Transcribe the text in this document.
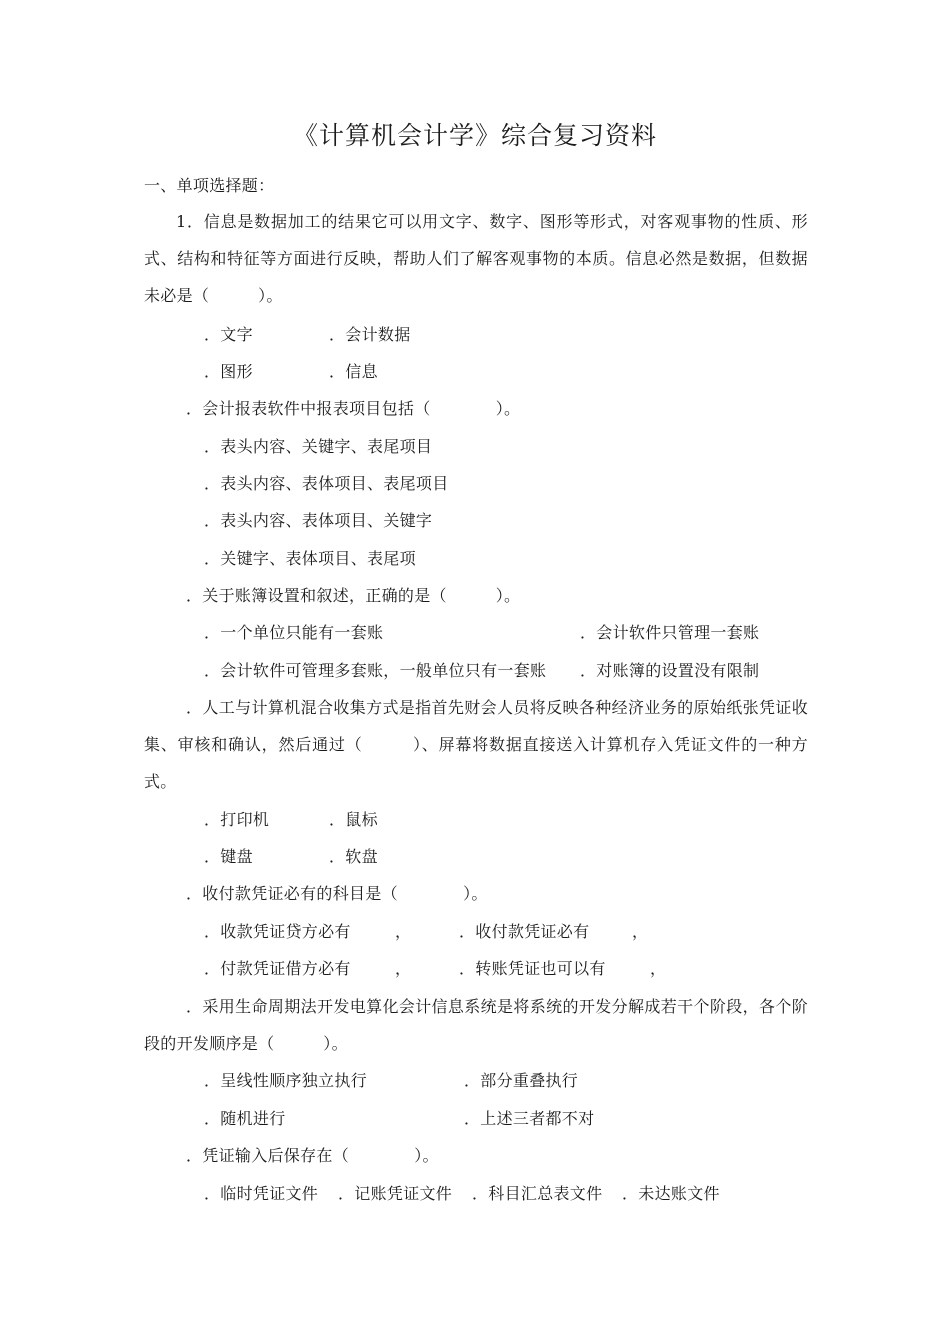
《计算机会计学》综合复习资料
一、单项选择题：
1．信息是数据加工的结果它可以用文字、数字、图形等形式，对客观事物的性质、形式、结构和特征等方面进行反映，帮助人们了解客观事物的本质。信息必然是数据，但数据未必是（　　　）。
．文字	．会计数据
．图形	．信息
．会计报表软件中报表项目包括（　　　　）。
．表头内容、关键字、表尾项目
．表头内容、表体项目、表尾项目
．表头内容、表体项目、关键字
．关键字、表体项目、表尾项
．关于账簿设置和叙述，正确的是（　　　）。
．一个单位只能有一套账	．会计软件只管理一套账
．会计软件可管理多套账，一般单位只有一套账 ．对账簿的设置没有限制
．人工与计算机混合收集方式是指首先财会人员将反映各种经济业务的原始纸张凭证收集、审核和确认，然后通过（　　　）、屏幕将数据直接送入计算机存入凭证文件的一种方式。
．打印机	．鼠标
．键盘	．软盘
．收付款凭证必有的科目是（　　　　）。
．收款凭证贷方必有	，	．收付款凭证必有	，
．付款凭证借方必有	，	．转账凭证也可以有	，
．采用生命周期法开发电算化会计信息系统是将系统的开发分解成若干个阶段，各个阶段的开发顺序是（　　　）。
．呈线性顺序独立执行	．部分重叠执行
．随机进行	．上述三者都不对
．凭证输入后保存在（　　　　）。
．临时凭证文件 ．记账凭证文件 ．科目汇总表文件 ．未达账文件
